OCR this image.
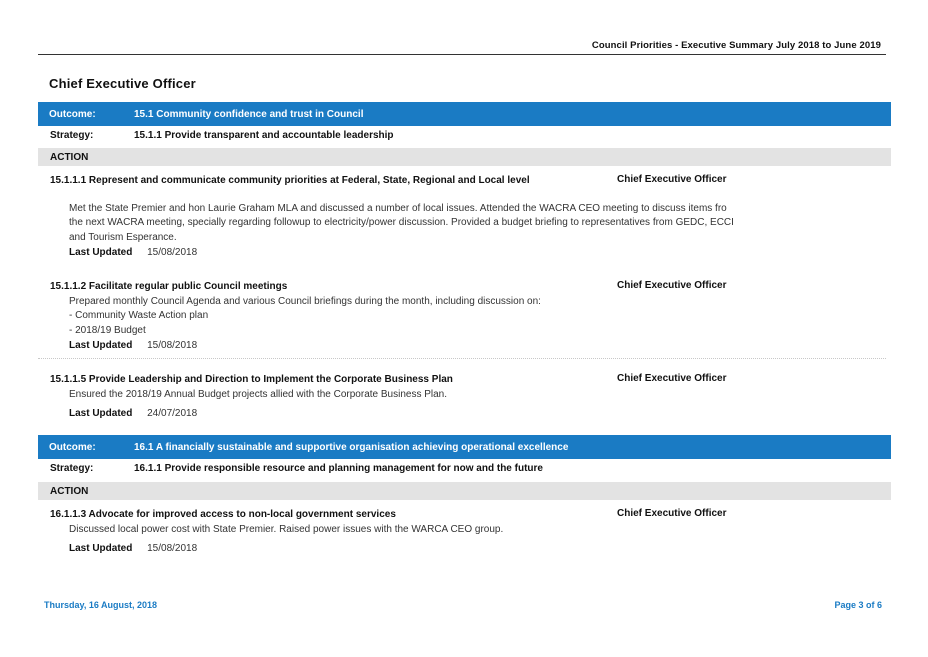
Council Priorities - Executive Summary July 2018 to June 2019
Chief Executive Officer
Outcome:	15.1 Community confidence and trust in Council
Strategy:	15.1.1 Provide transparent and accountable leadership
ACTION
15.1.1.1 Represent and communicate community priorities at Federal, State, Regional and Local level	Chief Executive Officer
Met the State Premier and hon Laurie Graham MLA and discussed a number of local issues. Attended the WACRA CEO meeting to discuss items fro
the next WACRA meeting, specially regarding followup to electricity/power discussion. Provided a budget briefing to representatives from GEDC, ECCI
and Tourism Esperance.
Last Updated 15/08/2018
15.1.1.2 Facilitate regular public Council meetings	Chief Executive Officer
Prepared monthly Council Agenda and various Council briefings during the month, including discussion on:
- Community Waste Action plan
- 2018/19 Budget
Last Updated 15/08/2018
15.1.1.5 Provide Leadership and Direction to Implement the Corporate Business Plan	Chief Executive Officer
Ensured the 2018/19 Annual Budget projects allied with the Corporate Business Plan.
Last Updated 24/07/2018
Outcome:	16.1 A financially sustainable and supportive organisation achieving operational excellence
Strategy:	16.1.1 Provide responsible resource and planning management for now and the future
ACTION
16.1.1.3 Advocate for improved access to non-local government services	Chief Executive Officer
Discussed local power cost with State Premier. Raised power issues with the WARCA CEO group.
Last Updated 15/08/2018
Thursday, 16 August, 2018	Page 3 of 6
